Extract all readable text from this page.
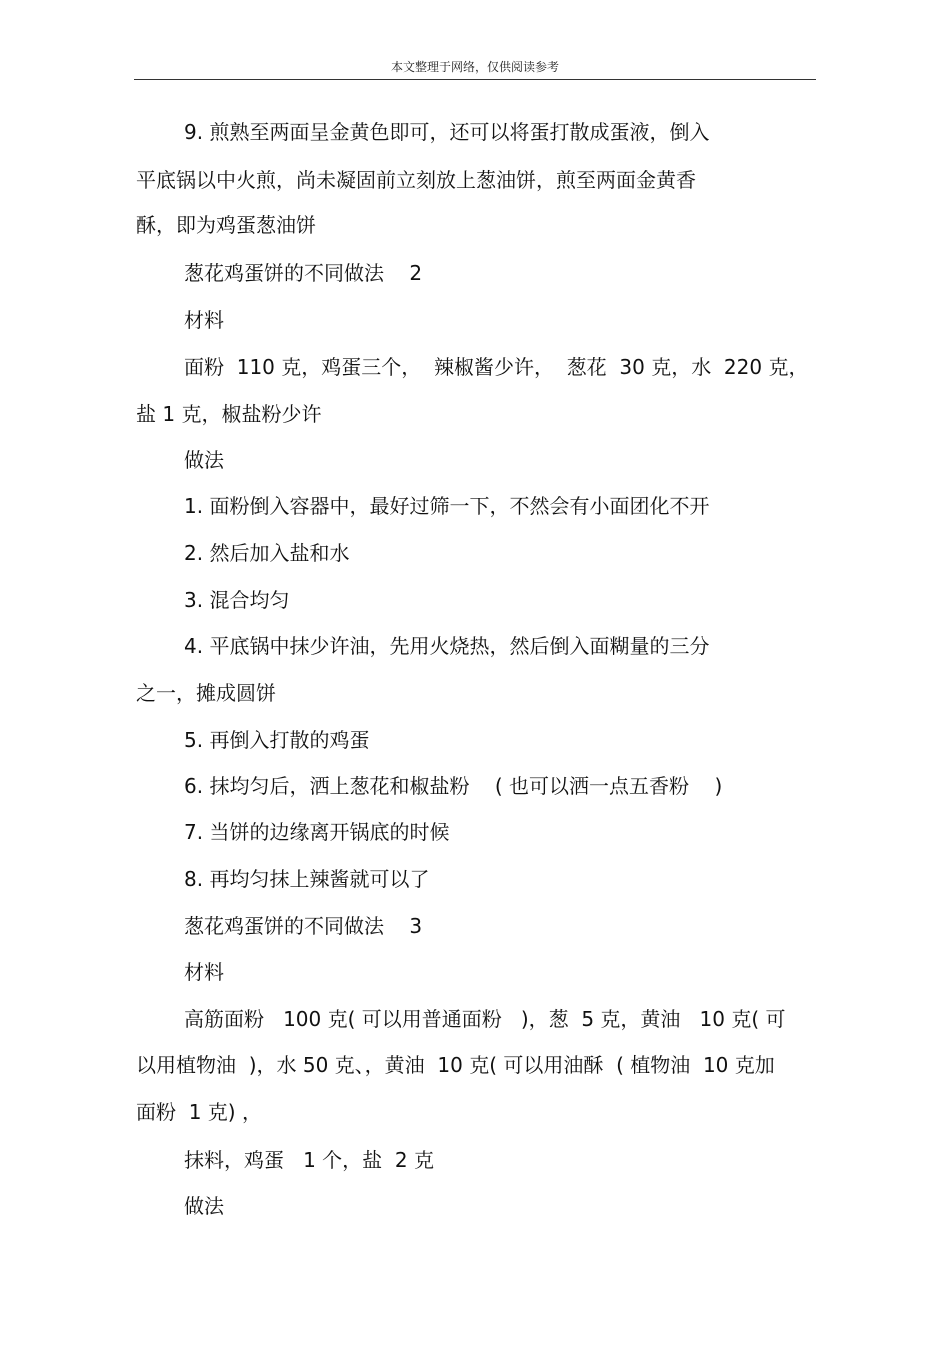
本文整理于网络，仅供阅读参考
9. 煎熟至两面呈金黄色即可，还可以将蛋打散成蛋液，倒入
平底锅以中火煎，尚未凝固前立刻放上葱油饼，煎至两面金黄香
酥，即为鸡蛋葱油饼
葱花鸡蛋饼的不同做法    2
材料
面粉  110 克，鸡蛋三个，  辣椒酱少许，  葱花  30 克，水  220 克，
盐 1 克，椒盐粉少许
做法
1. 面粉倒入容器中，最好过筛一下，不然会有小面团化不开
2. 然后加入盐和水
3. 混合均匀
4. 平底锅中抹少许油，先用火烧热，然后倒入面糊量的三分
之一，摊成圆饼
5. 再倒入打散的鸡蛋
6. 抹均匀后，洒上葱花和椒盐粉    ( 也可以洒一点五香粉    )
7. 当饼的边缘离开锅底的时候
8. 再均匀抹上辣酱就可以了
葱花鸡蛋饼的不同做法    3
材料
高筋面粉   100 克( 可以用普通面粉   )，葱  5 克，黄油   10 克( 可
以用植物油  )，水 50 克、，黄油  10 克( 可以用油酥  ( 植物油  10 克加
面粉  1 克) ，
抹料，鸡蛋   1 个，盐  2 克
做法
